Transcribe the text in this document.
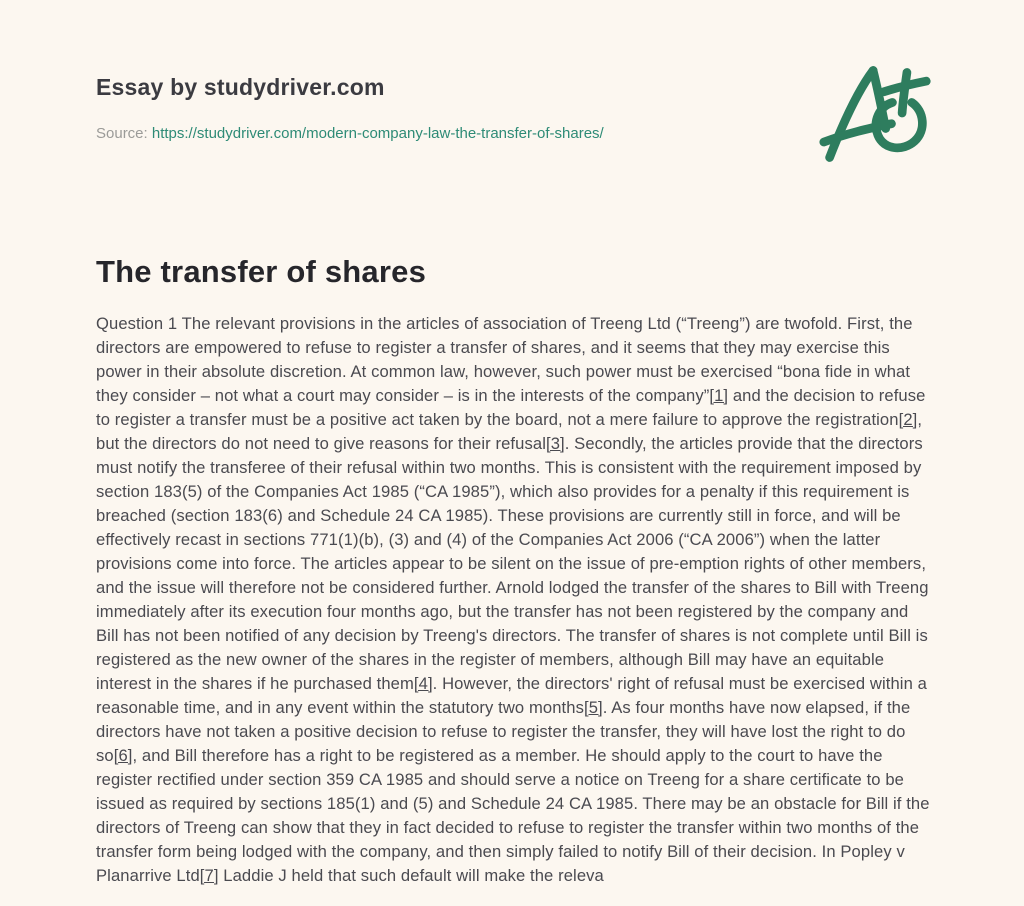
Essay by studydriver.com
Source: https://studydriver.com/modern-company-law-the-transfer-of-shares/
The transfer of shares

Question 1 The relevant provisions in the articles of association of Treeng Ltd (“Treeng”) are twofold. First, the directors are empowered to refuse to register a transfer of shares, and it seems that they may exercise this power in their absolute discretion. At common law, however, such power must be exercised “bona fide in what they consider – not what a court may consider – is in the interests of the company”[1] and the decision to refuse to register a transfer must be a positive act taken by the board, not a mere failure to approve the registration[2], but the directors do not need to give reasons for their refusal[3]. Secondly, the articles provide that the directors must notify the transferee of their refusal within two months. This is consistent with the requirement imposed by section 183(5) of the Companies Act 1985 (“CA 1985”), which also provides for a penalty if this requirement is breached (section 183(6) and Schedule 24 CA 1985). These provisions are currently still in force, and will be effectively recast in sections 771(1)(b), (3) and (4) of the Companies Act 2006 (“CA 2006”) when the latter provisions come into force. The articles appear to be silent on the issue of pre-emption rights of other members, and the issue will therefore not be considered further. Arnold lodged the transfer of the shares to Bill with Treeng immediately after its execution four months ago, but the transfer has not been registered by the company and Bill has not been notified of any decision by Treeng's directors. The transfer of shares is not complete until Bill is registered as the new owner of the shares in the register of members, although Bill may have an equitable interest in the shares if he purchased them[4]. However, the directors' right of refusal must be exercised within a reasonable time, and in any event within the statutory two months[5]. As four months have now elapsed, if the directors have not taken a positive decision to refuse to register the transfer, they will have lost the right to do so[6], and Bill therefore has a right to be registered as a member. He should apply to the court to have the register rectified under section 359 CA 1985 and should serve a notice on Treeng for a share certificate to be issued as required by sections 185(1) and (5) and Schedule 24 CA 1985. There may be an obstacle for Bill if the directors of Treeng can show that they in fact decided to refuse to register the transfer within two months of the transfer form being lodged with the company, and then simply failed to notify Bill of their decision. In Popley v Planarrive Ltd[7] Laddie J held that such default will make the releva
